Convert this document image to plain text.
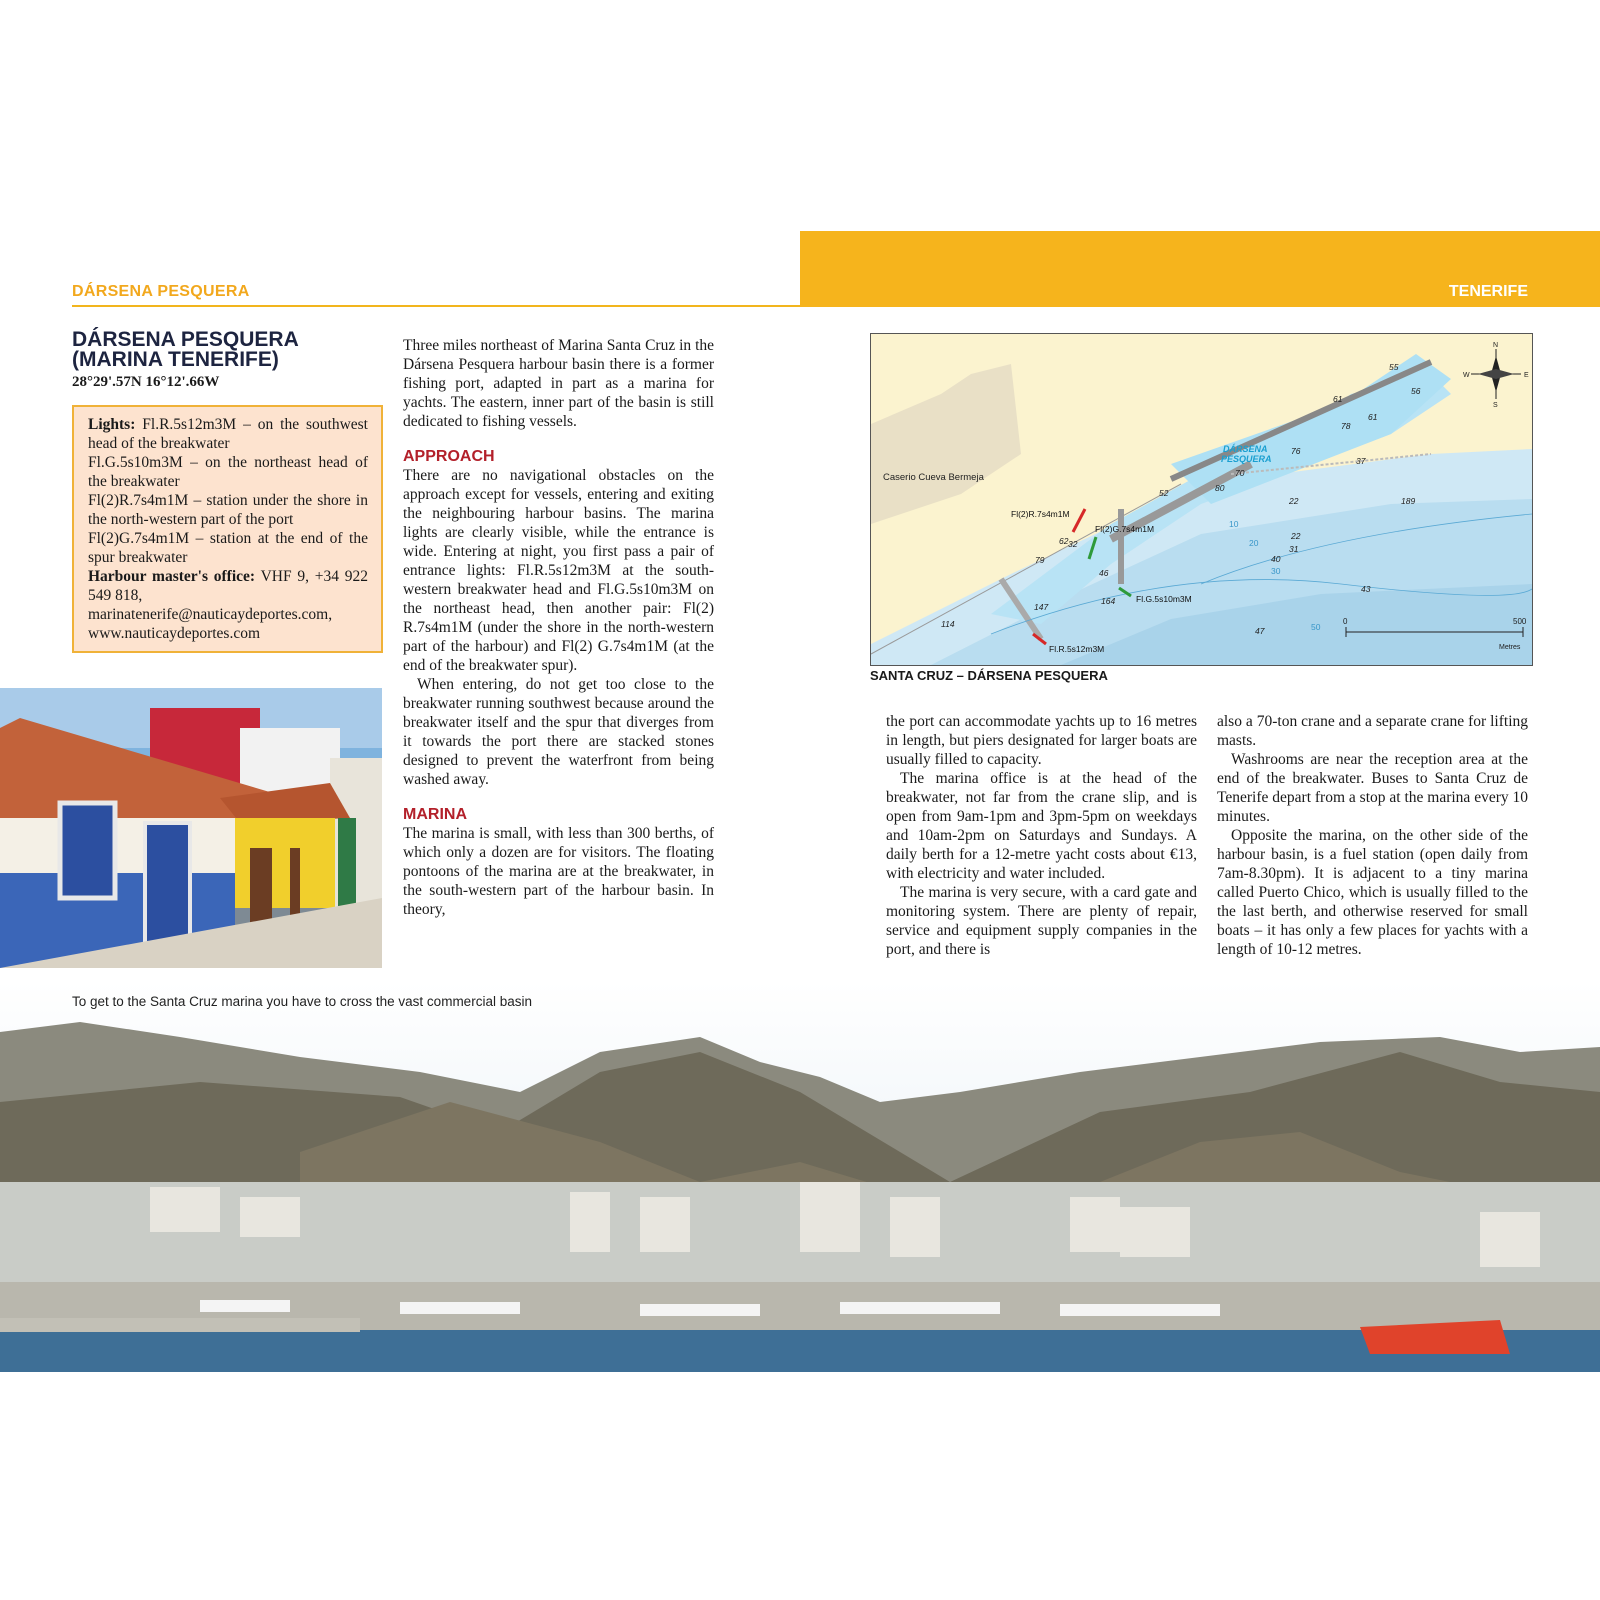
DÁRSENA PESQUERA	TENERIFE
DÁRSENA PESQUERA
(MARINA TENERIFE)
28°29'.57N 16°12'.66W

Lights: Fl.R.5s12m3M – on the southwest head of the breakwater

Fl.G.5s10m3M – on the northeast head of the breakwater

Fl(2)R.7s4m1M – station under the shore in the north-western part of the port

Fl(2)G.7s4m1M – station at the end of the spur breakwater

Harbour master's office: VHF 9, +34 922 549 818,

marinatenerife@nauticaydeportes.com,

www.nauticaydeportes.com

Three miles northeast of Marina Santa Cruz in the Dársena Pesquera harbour basin there is a former fishing port, adapted in part as a marina for yachts. The eastern, inner part of the basin is still dedicated to fishing vessels.

APPROACH

There are no navigational obstacles on the approach except for vessels, entering and exiting the neighbouring harbour basins. The marina lights are clearly visible, while the entrance is wide. Entering at night, you first pass a pair of entrance lights: Fl.R.5s12m3M at the south-western breakwater head and Fl.G.5s10m3M on the northeast head, then another pair: Fl(2) R.7s4m1M (under the shore in the north-western part of the harbour) and Fl(2) G.7s4m1M (at the end of the breakwater spur).

When entering, do not get too close to the breakwater running southwest because around the breakwater itself and the spur that diverges from it towards the port there are stacked stones designed to prevent the waterfront from being washed away.

MARINA

The marina is small, with less than 300 berths, of which only a dozen are for visitors. The floating pontoons of the marina are at the breakwater, in the south-western part of the harbour basin. In theory,

Caserio Cueva Bermeja
DÁRSENA
PESQUERA
Fl(2)R.7s4m1M
Fl(2)G.7s4m1M
Fl.G.5s10m3M
Fl.R.5s12m3M
N
S
E
W
0	500
Metres
55
56
61
61
78
76
70
52
22
80
37
189
31
40
62 32
79
46
164
147
114
22
43
47
10
20
30
50
SANTA CRUZ – DÁRSENA PESQUERA

the port can accommodate yachts up to 16 metres in length, but piers designated for larger boats are usually filled to capacity.

The marina office is at the head of the breakwater, not far from the crane slip, and is open from 9am-1pm and 3pm-5pm on weekdays and 10am-2pm on Saturdays and Sundays. A daily berth for a 12-metre yacht costs about €13, with electricity and water included.

The marina is very secure, with a card gate and monitoring system. There are plenty of repair, service and equipment supply companies in the port, and there is

also a 70-ton crane and a separate crane for lifting masts.

Washrooms are near the reception area at the end of the breakwater. Buses to Santa Cruz de Tenerife depart from a stop at the marina every 10 minutes.

Opposite the marina, on the other side of the harbour basin, is a fuel station (open daily from 7am-8.30pm). It is adjacent to a tiny marina called Puerto Chico, which is usually filled to the the last berth, and otherwise reserved for small boats – it has only a few places for yachts with a length of 10-12 metres.

To get to the Santa Cruz marina you have to cross the vast commercial basin
